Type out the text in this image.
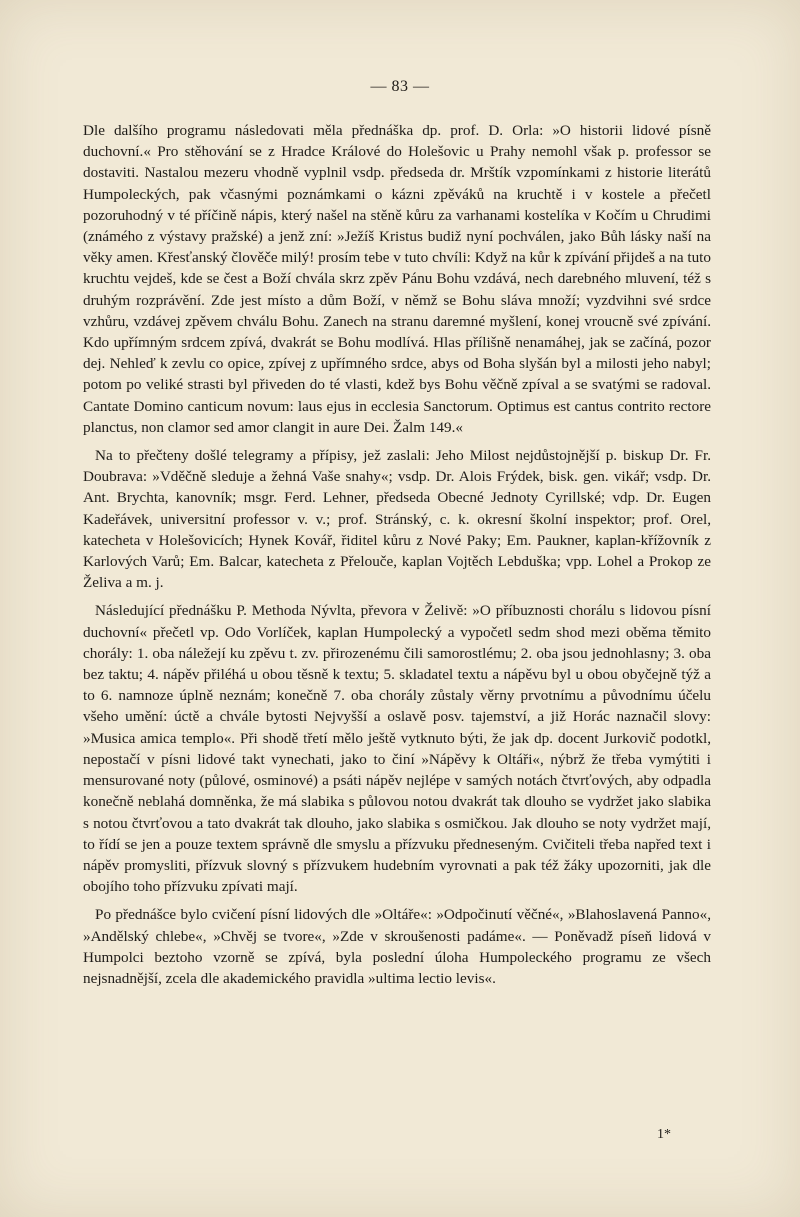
— 83 —

Dle dalšího programu následovati měla přednáška dp. prof. D. Orla: »O historii lidové písně duchovní.« Pro stěhování se z Hradce Králové do Holešovic u Prahy nemohl však p. professor se dostaviti. Nastalou mezeru vhodně vyplnil vsdp. předseda dr. Mrštík vzpomínkami z historie literátů Humpoleckých, pak včasnými poznámkami o kázni zpěváků na kruchtě i v kostele a přečetl pozoruhodný v té příčině nápis, který našel na stěně kůru za varhanami kostelíka v Kočím u Chrudimi (známého z výstavy pražské) a jenž zní: »Ježíš Kristus budiž nyní pochválen, jako Bůh lásky naší na věky amen. Křesťanský člověče milý! prosím tebe v tuto chvíli: Když na kůr k zpívání přijdeš a na tuto kruchtu vejdeš, kde se čest a Boží chvála skrz zpěv Pánu Bohu vzdává, nech darebného mluvení, též s druhým rozprávění. Zde jest místo a dům Boží, v němž se Bohu sláva množí; vyzdvihni své srdce vzhůru, vzdávej zpěvem chválu Bohu. Zanech na stranu daremné myšlení, konej vroucně své zpívání. Kdo upřímným srdcem zpívá, dvakrát se Bohu modlívá. Hlas přílišně nenamáhej, jak se začíná, pozor dej. Nehleď k zevlu co opice, zpívej z upřímného srdce, abys od Boha slyšán byl a milosti jeho nabyl; potom po veliké strasti byl přiveden do té vlasti, kdež bys Bohu věčně zpíval a se svatými se radoval. Cantate Domino canticum novum: laus ejus in ecclesia Sanctorum. Optimus est cantus contrito rectore planctus, non clamor sed amor clangit in aure Dei. Žalm 149.«

Na to přečteny došlé telegramy a přípisy, jež zaslali: Jeho Milost nejdůstojnější p. biskup Dr. Fr. Doubrava: »Vděčně sleduje a žehná Vaše snahy«; vsdp. Dr. Alois Frýdek, bisk. gen. vikář; vsdp. Dr. Ant. Brychta, kanovník; msgr. Ferd. Lehner, předseda Obecné Jednoty Cyrillské; vdp. Dr. Eugen Kadeřávek, universitní professor v. v.; prof. Stránský, c. k. okresní školní inspektor; prof. Orel, katecheta v Holešovicích; Hynek Kovář, řiditel kůru z Nové Paky; Em. Paukner, kaplan-křížovník z Karlových Varů; Em. Balcar, katecheta z Přelouče, kaplan Vojtěch Lebduška; vpp. Lohel a Prokop ze Želiva a m. j.

Následující přednášku P. Methoda Nývlta, převora v Želivě: »O příbuznosti chorálu s lidovou písní duchovní« přečetl vp. Odo Vorlíček, kaplan Humpolecký a vypočetl sedm shod mezi oběma těmito chorály: 1. oba náležejí ku zpěvu t. zv. přirozenému čili samorostlému; 2. oba jsou jednohlasny; 3. oba bez taktu; 4. nápěv přiléhá u obou těsně k textu; 5. skladatel textu a nápěvu byl u obou obyčejně týž a to 6. namnoze úplně neznám; konečně 7. oba chorály zůstaly věrny prvotnímu a původnímu účelu všeho umění: úctě a chvále bytosti Nejvyšší a oslavě posv. tajemství, a již Horác naznačil slovy: »Musica amica templo«. Při shodě třetí mělo ještě vytknuto býti, že jak dp. docent Jurkovič podotkl, nepostačí v písni lidové takt vynechati, jako to činí »Nápěvy k Oltáři«, nýbrž že třeba vymýtiti i mensurované noty (půlové, osminové) a psáti nápěv nejlépe v samých notách čtvrťových, aby odpadla konečně neblahá domněnka, že má slabika s půlovou notou dvakrát tak dlouho se vydržet jako slabika s notou čtvrťovou a tato dvakrát tak dlouho, jako slabika s osmičkou. Jak dlouho se noty vydržet mají, to řídí se jen a pouze textem správně dle smyslu a přízvuku předneseným. Cvičiteli třeba napřed text i nápěv promysliti, přízvuk slovný s přízvukem hudebním vyrovnati a pak též žáky upozorniti, jak dle obojího toho přízvuku zpívati mají.

Po přednášce bylo cvičení písní lidových dle »Oltáře«: »Odpočinutí věčné«, »Blahoslavená Panno«, »Andělský chlebe«, »Chvěj se tvore«, »Zde v skroušenosti padáme«. — Poněvadž píseň lidová v Humpolci beztoho vzorně se zpívá, byla poslední úloha Humpoleckého programu ze všech nejsnadnější, zcela dle akademického pravidla »ultima lectio levis«.

1*
